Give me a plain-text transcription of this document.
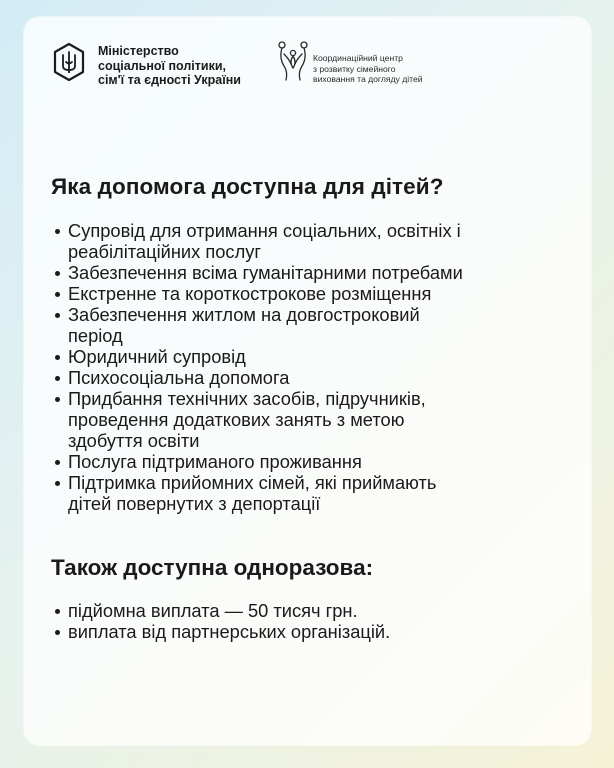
Міністерство
соціальної політики,
сім'ї та єдності України
Координаційний центр
з розвитку сімейного
виховання та догляду дітей
Яка допомога доступна для дітей?
Супровід для отримання соціальних, освітніх і
реабілітаційних послуг
Забезпечення всіма гуманітарними потребами
Екстренне та короткострокове розміщення
Забезпечення житлом на довгостроковий
період
Юридичний супровід
Психосоціальна допомога
Придбання технічних засобів, підручників,
проведення додаткових занять з метою
здобуття освіти
Послуга підтриманого проживання
Підтримка прийомних сімей, які приймають
дітей повернутих з депортації
Також доступна одноразова:
підйомна виплата — 50 тисяч грн.
виплата від партнерських організацій.
